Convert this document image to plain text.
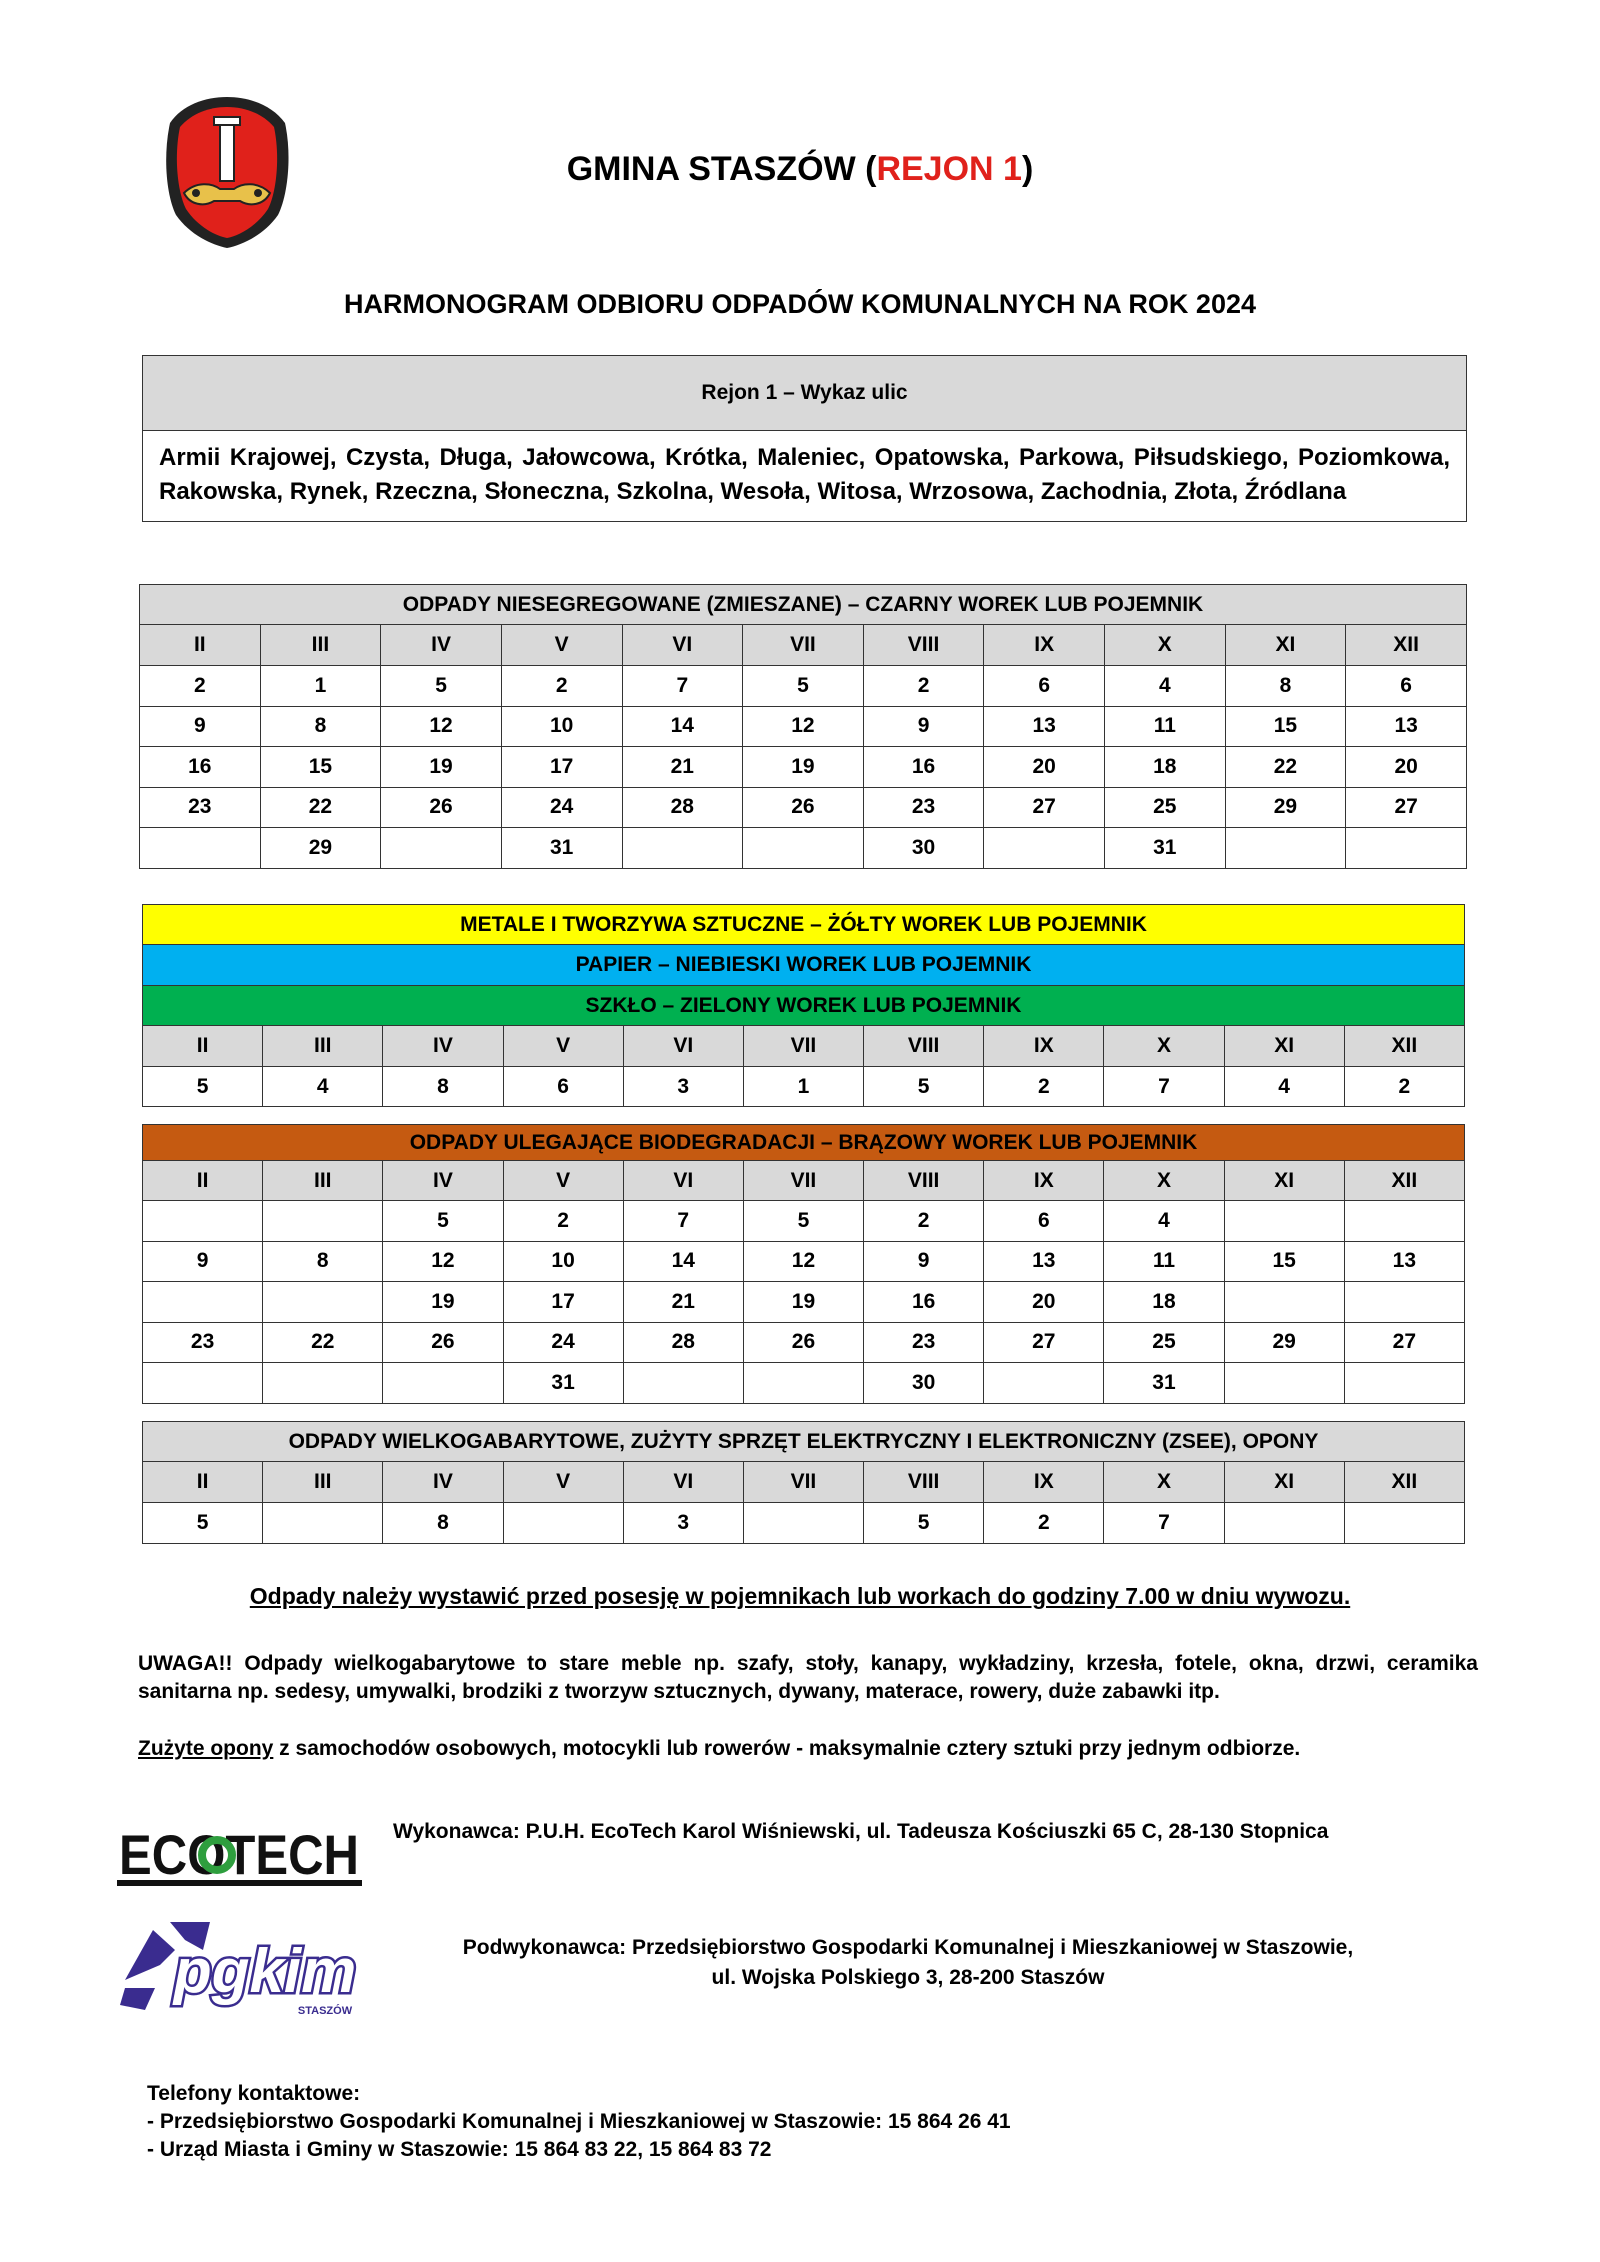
GMINA STASZÓW (REJON 1)
HARMONOGRAM ODBIORU ODPADÓW KOMUNALNYCH NA ROK 2024
Rejon 1 – Wykaz ulic
Armii Krajowej, Czysta, Długa, Jałowcowa, Krótka, Maleniec, Opatowska, Parkowa, Piłsudskiego, Poziomkowa, Rakowska, Rynek, Rzeczna, Słoneczna, Szkolna, Wesoła, Witosa, Wrzosowa, Zachodnia, Złota, Źródlana
ODPADY NIESEGREGOWANE (ZMIESZANE) – CZARNY WOREK LUB POJEMNIK										
II	III	IV	V	VI	VII	VIII	IX	X	XI	XII
2	1	5	2	7	5	2	6	4	8	6
9	8	12	10	14	12	9	13	11	15	13
16	15	19	17	21	19	16	20	18	22	20
23	22	26	24	28	26	23	27	25	29	27
	29		31			30		31		
METALE I TWORZYWA SZTUCZNE – ŻÓŁTY WOREK LUB POJEMNIK										
PAPIER – NIEBIESKI WOREK LUB POJEMNIK										
SZKŁO – ZIELONY WOREK LUB POJEMNIK										
II	III	IV	V	VI	VII	VIII	IX	X	XI	XII
5	4	8	6	3	1	5	2	7	4	2
ODPADY ULEGAJĄCE BIODEGRADACJI – BRĄZOWY WOREK LUB POJEMNIK										
II	III	IV	V	VI	VII	VIII	IX	X	XI	XII
		5	2	7	5	2	6	4		
9	8	12	10	14	12	9	13	11	15	13
		19	17	21	19	16	20	18		
23	22	26	24	28	26	23	27	25	29	27
			31			30		31		
ODPADY WIELKOGABARYTOWE, ZUŻYTY SPRZĘT ELEKTRYCZNY I ELEKTRONICZNY (ZSEE), OPONY										
II	III	IV	V	VI	VII	VIII	IX	X	XI	XII
5		8		3		5	2	7		
Odpady należy wystawić przed posesję w pojemnikach lub workach do godziny 7.00 w dniu wywozu.
UWAGA!! Odpady wielkogabarytowe to stare meble np. szafy, stoły, kanapy, wykładziny, krzesła, fotele, okna, drzwi, ceramika sanitarna np. sedesy, umywalki, brodziki z tworzyw sztucznych, dywany, materace, rowery, duże zabawki itp.
Zużyte opony z samochodów osobowych, motocykli lub rowerów - maksymalnie cztery sztuki przy jednym odbiorze.
ECOTECH
pgkim
STASZÓW
Wykonawca: P.U.H. EcoTech Karol Wiśniewski, ul. Tadeusza Kościuszki 65 C, 28-130 Stopnica
Podwykonawca: Przedsiębiorstwo Gospodarki Komunalnej i Mieszkaniowej w Staszowie,
ul. Wojska Polskiego 3, 28-200 Staszów
Telefony kontaktowe:
- Przedsiębiorstwo Gospodarki Komunalnej i Mieszkaniowej w Staszowie: 15 864 26 41
- Urząd Miasta i Gminy w Staszowie: 15 864 83 22, 15 864 83 72
